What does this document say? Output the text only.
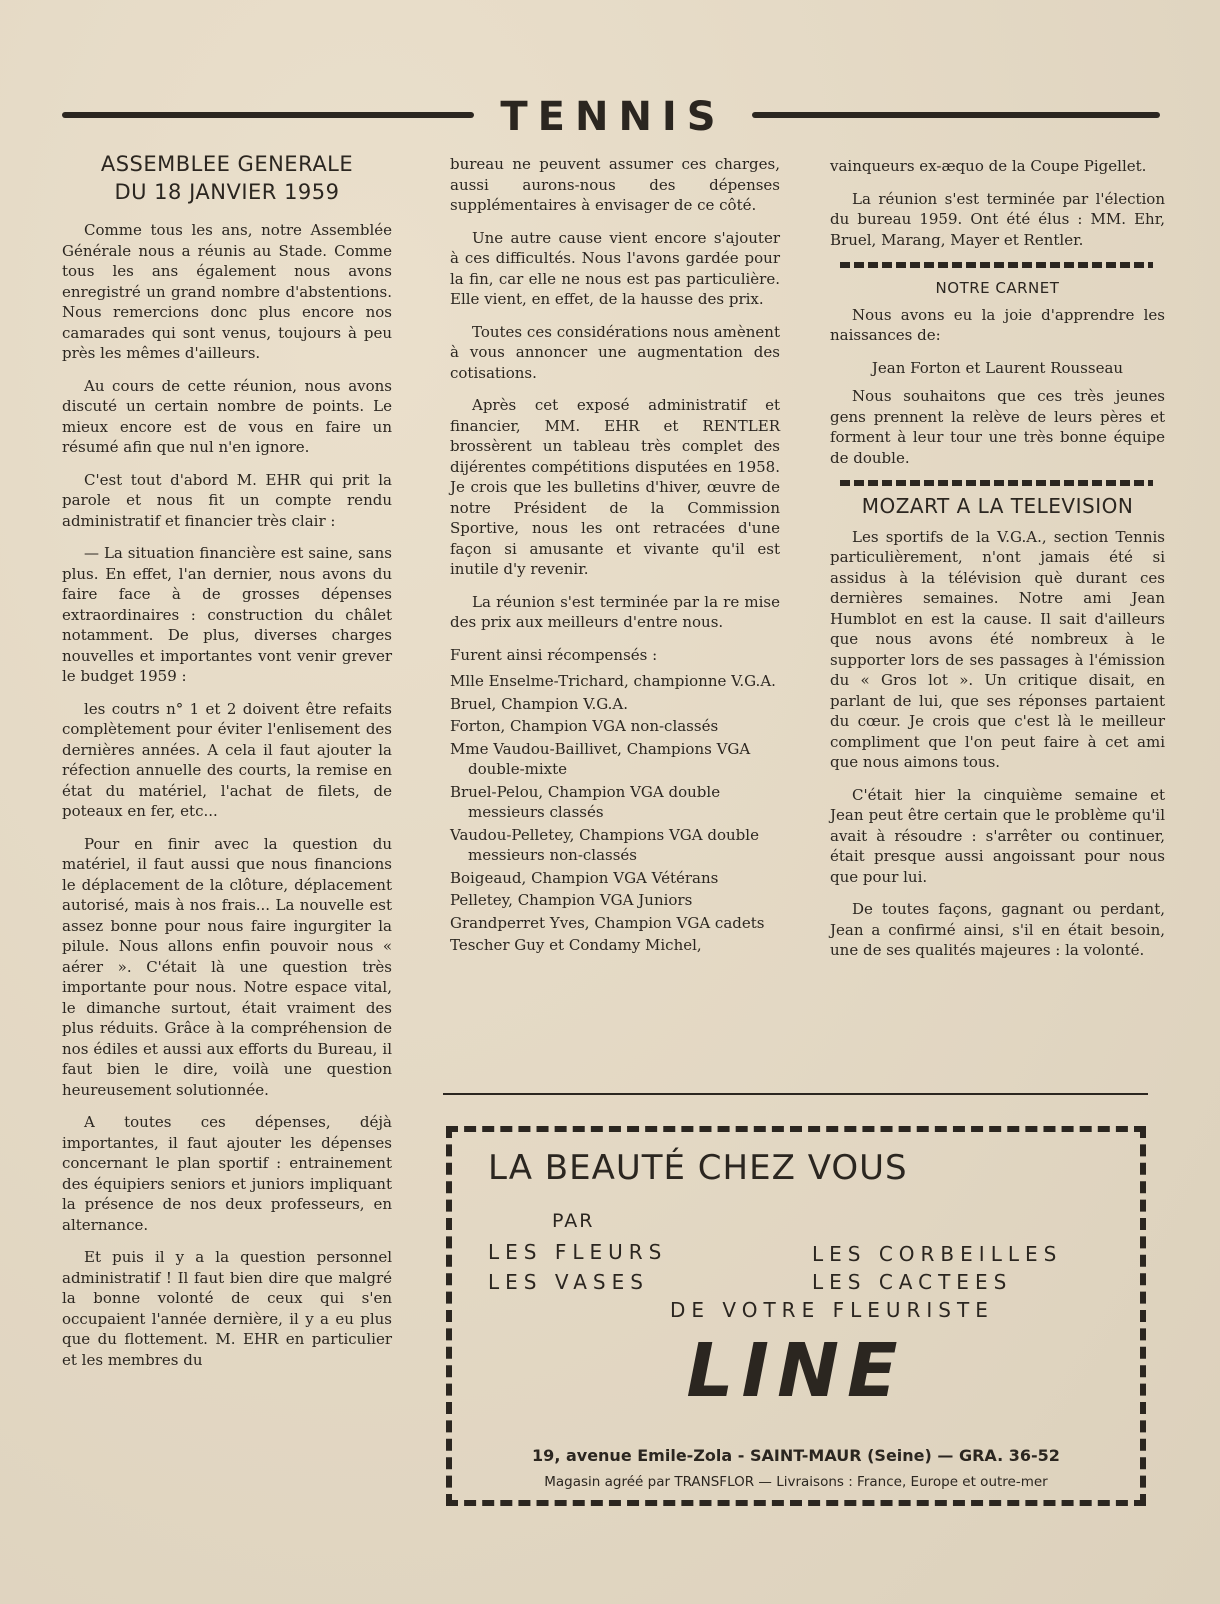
TENNIS
ASSEMBLEE GENERALE
DU 18 JANVIER 1959

Comme tous les ans, notre Assemblée Générale nous a réunis au Stade. Comme tous les ans également nous avons enregistré un grand nombre d'abstentions. Nous remercions donc plus encore nos camarades qui sont venus, toujours à peu près les mêmes d'ailleurs.

Au cours de cette réunion, nous avons discuté un certain nombre de points. Le mieux encore est de vous en faire un résumé afin que nul n'en ignore.

C'est tout d'abord M. EHR qui prit la parole et nous fit un compte rendu administratif et financier très clair :

— La situation financière est saine, sans plus. En effet, l'an dernier, nous avons du faire face à de grosses dépenses extraordinaires : construction du châlet notamment. De plus, diverses charges nouvelles et importantes vont venir grever le budget 1959 :

les coutrs n° 1 et 2 doivent être refaits complètement pour éviter l'enlisement des dernières années. A cela il faut ajouter la réfection annuelle des courts, la remise en état du matériel, l'achat de filets, de poteaux en fer, etc...

Pour en finir avec la question du matériel, il faut aussi que nous financions le déplacement de la clôture, déplacement autorisé, mais à nos frais... La nouvelle est assez bonne pour nous faire ingurgiter la pilule. Nous allons enfin pouvoir nous « aérer ». C'était là une question très importante pour nous. Notre espace vital, le dimanche surtout, était vraiment des plus réduits. Grâce à la compréhension de nos édiles et aussi aux efforts du Bureau, il faut bien le dire, voilà une question heureusement solutionnée.

A toutes ces dépenses, déjà importantes, il faut ajouter les dépenses concernant le plan sportif : entrainement des équipiers seniors et juniors impliquant la présence de nos deux professeurs, en alternance.

Et puis il y a la question personnel administratif ! Il faut bien dire que malgré la bonne volonté de ceux qui s'en occupaient l'année dernière, il y a eu plus que du flottement. M. EHR en particulier et les membres du

bureau ne peuvent assumer ces charges, aussi aurons-nous des dépenses supplémentaires à envisager de ce côté.

Une autre cause vient encore s'ajouter à ces difficultés. Nous l'avons gardée pour la fin, car elle ne nous est pas particulière. Elle vient, en effet, de la hausse des prix.

Toutes ces considérations nous amènent à vous annoncer une augmentation des cotisations.

Après cet exposé administratif et financier, MM. EHR et RENTLER brossèrent un tableau très complet des dijérentes compétitions disputées en 1958. Je crois que les bulletins d'hiver, œuvre de notre Président de la Commission Sportive, nous les ont retracées d'une façon si amusante et vivante qu'il est inutile d'y revenir.

La réunion s'est terminée par la re mise des prix aux meilleurs d'entre nous.

Furent ainsi récompensés :
Mlle Enselme-Trichard, championne V.G.A.
Bruel, Champion V.G.A.
Forton, Champion VGA non-classés
Mme Vaudou-Baillivet, Champions VGA double-mixte
Bruel-Pelou, Champion VGA double messieurs classés
Vaudou-Pelletey, Champions VGA double messieurs non-classés
Boigeaud, Champion VGA Vétérans
Pelletey, Champion VGA Juniors
Grandperret Yves, Champion VGA cadets
Tescher Guy et Condamy Michel,

vainqueurs ex-æquo de la Coupe Pigellet.

La réunion s'est terminée par l'élection du bureau 1959. Ont été élus : MM. Ehr, Bruel, Marang, Mayer et Rentler.

NOTRE CARNET

Nous avons eu la joie d'apprendre les naissances de:

Jean Forton et Laurent Rousseau

Nous souhaitons que ces très jeunes gens prennent la relève de leurs pères et forment à leur tour une très bonne équipe de double.

MOZART A LA TELEVISION

Les sportifs de la V.G.A., section Tennis particulièrement, n'ont jamais été si assidus à la télévision què durant ces dernières semaines. Notre ami Jean Humblot en est la cause. Il sait d'ailleurs que nous avons été nombreux à le supporter lors de ses passages à l'émission du « Gros lot ». Un critique disait, en parlant de lui, que ses réponses partaient du cœur. Je crois que c'est là le meilleur compliment que l'on peut faire à cet ami que nous aimons tous.

C'était hier la cinquième semaine et Jean peut être certain que le problème qu'il avait à résoudre : s'arrêter ou continuer, était presque aussi angoissant pour nous que pour lui.

De toutes façons, gagnant ou perdant, Jean a confirmé ainsi, s'il en était besoin, une de ses qualités majeures : la volonté.

LA BEAUTÉ CHEZ VOUS
PAR
LES FLEURS	LES CORBEILLES
LES VASES	LES CACTEES
DE VOTRE FLEURISTE
LINE
19, avenue Emile-Zola - SAINT-MAUR (Seine) — GRA. 36-52
Magasin agréé par TRANSFLOR — Livraisons : France, Europe et outre-mer
